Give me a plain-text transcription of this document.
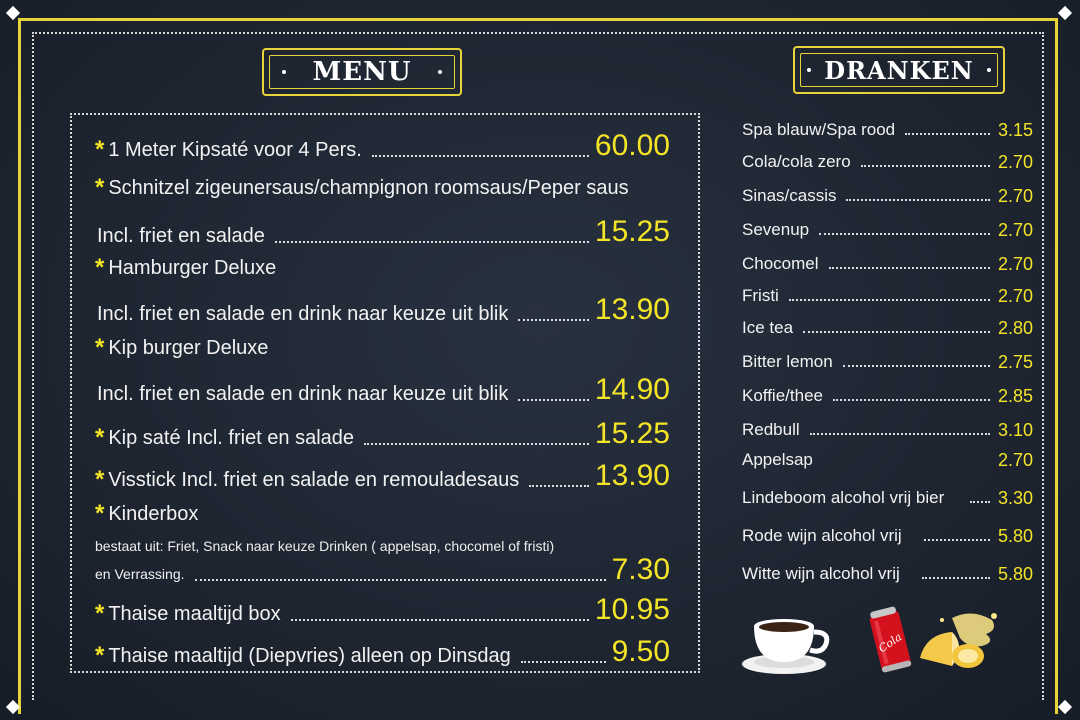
MENU	DRANKEN
* 1 Meter Kipsaté voor 4 Pers.	60.00
* Schnitzel zigeunersaus/champignon roomsaus/Peper saus
Incl. friet en salade	15.25
* Hamburger Deluxe
Incl. friet en salade en drink naar keuze uit blik	13.90
* Kip burger Deluxe
Incl. friet en salade en drink naar keuze uit blik	14.90
* Kip saté Incl. friet en salade	15.25
* Visstick Incl. friet en salade en remouladesaus	13.90
* Kinderbox
bestaat uit: Friet, Snack naar keuze Drinken ( appelsap, chocomel of fristi)
en Verrassing.	7.30
* Thaise maaltijd box	10.95
* Thaise maaltijd (Diepvries) alleen op Dinsdag	9.50
Spa blauw/Spa rood	3.15
Cola/cola zero	2.70
Sinas/cassis	2.70
Sevenup	2.70
Chocomel	2.70
Fristi	2.70
Ice tea	2.80
Bitter lemon	2.75
Koffie/thee	2.85
Redbull	3.10
Appelsap	2.70
Lindeboom alcohol vrij bier	3.30
Rode wijn alcohol vrij	5.80
Witte wijn alcohol vrij	5.80
Cola
